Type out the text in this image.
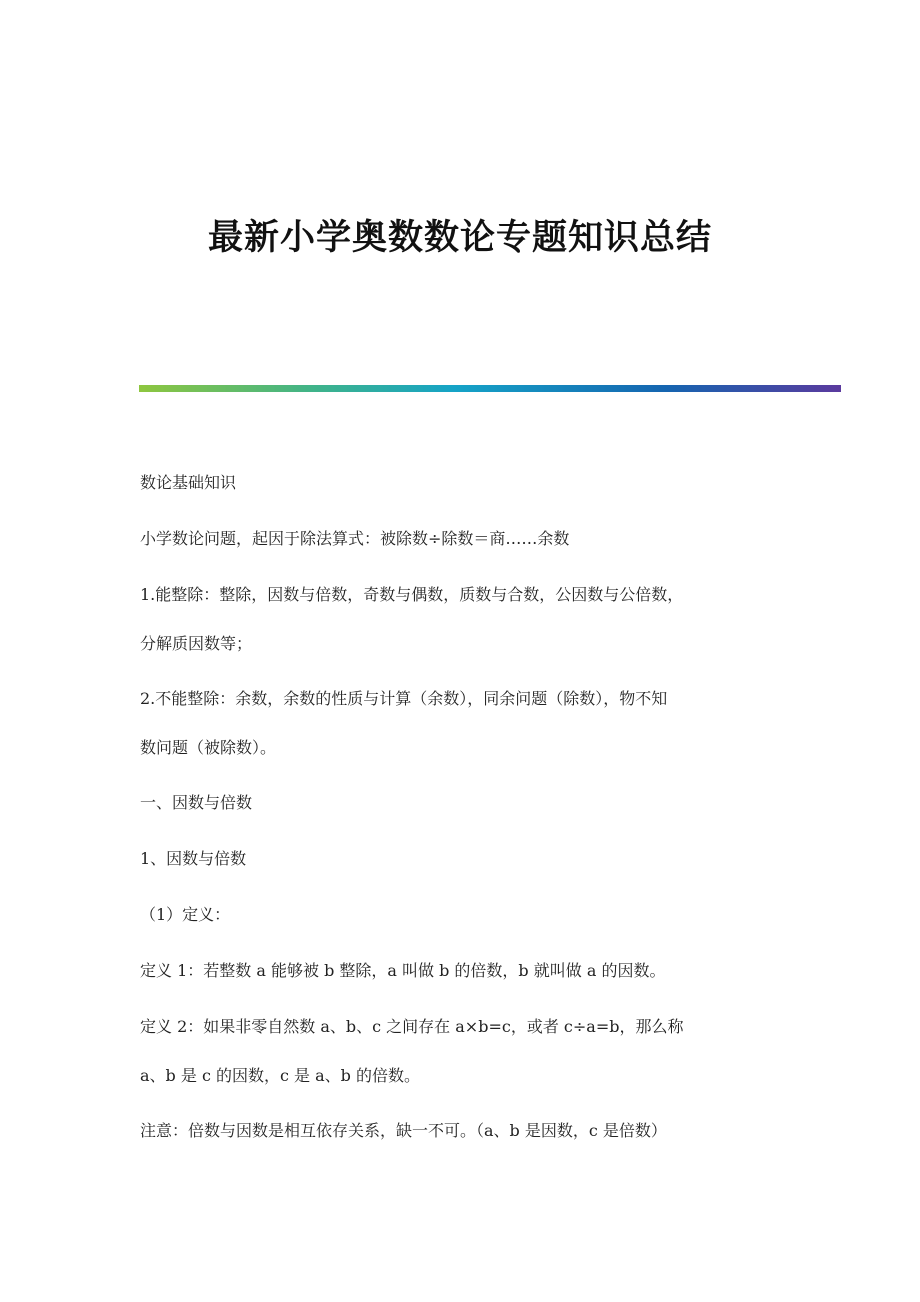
最新小学奥数数论专题知识总结
数论基础知识
小学数论问题，起因于除法算式：被除数÷除数＝商……余数
1.能整除：整除，因数与倍数，奇数与偶数，质数与合数，公因数与公倍数，
分解质因数等；
2.不能整除：余数，余数的性质与计算（余数），同余问题（除数），物不知
数问题（被除数）。
一、因数与倍数
1、因数与倍数
（1）定义：
定义 1：若整数 a 能够被 b 整除，a 叫做 b 的倍数，b 就叫做 a 的因数。
定义 2：如果非零自然数 a、b、c 之间存在 a×b=c，或者 c÷a=b，那么称
a、b 是 c 的因数，c 是 a、b 的倍数。
注意：倍数与因数是相互依存关系，缺一不可。（a、b 是因数，c 是倍数）
